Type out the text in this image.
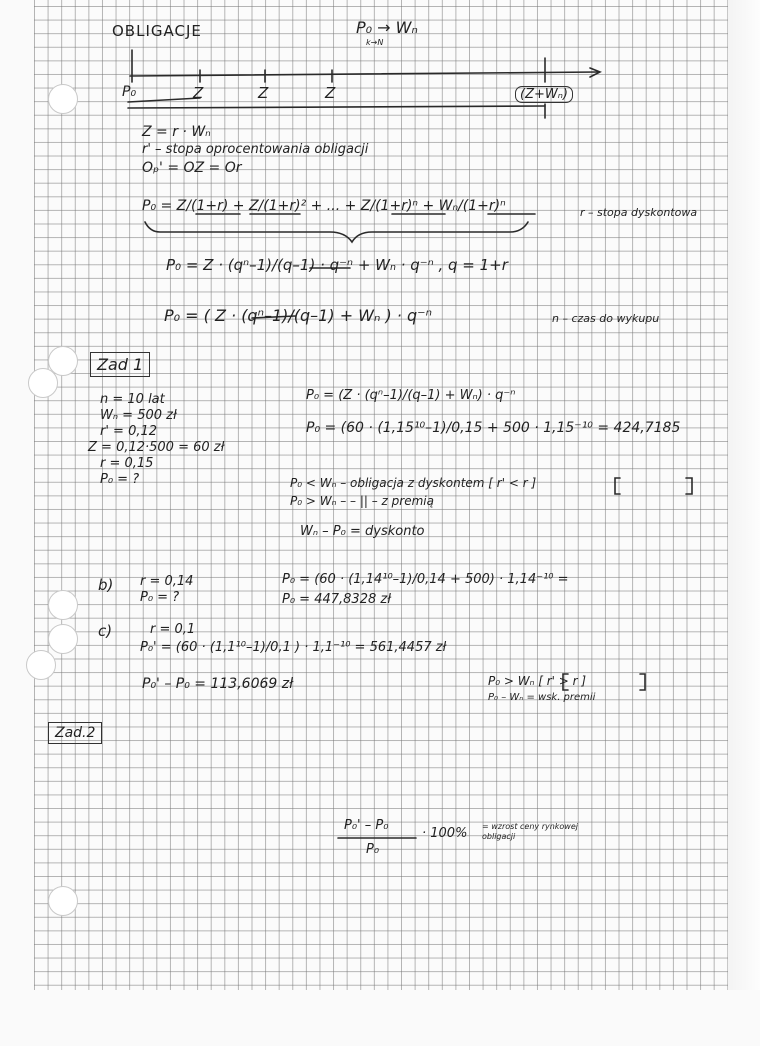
OBLIGACJE	P₀ → Wₙ
k→N
P₀	Z	Z	Z	(Z+Wₙ)
Z = r · Wₙ
r' – stopa oprocentowania obligacji
Oₚ' = OZ = Or
P₀ = Z/(1+r) + Z/(1+r)² + ... + Z/(1+r)ⁿ + Wₙ/(1+r)ⁿ	r – stopa dyskontowa
P₀ = Z · (qⁿ–1)/(q–1) · q⁻ⁿ + Wₙ · q⁻ⁿ , q = 1+r
P₀ = ( Z · (qⁿ–1)/(q–1) + Wₙ ) · q⁻ⁿ	n – czas do wykupu
Zad 1
n = 10 lat
Wₙ = 500 zł
r' = 0,12
Z = 0,12·500 = 60 zł
r = 0,15
P₀ = ?
P₀ = (Z · (qⁿ–1)/(q–1) + Wₙ) · q⁻ⁿ
P₀ = (60 · (1,15¹⁰–1)/0,15 + 500 · 1,15⁻¹⁰ = 424,7185
P₀ < Wₙ – obligacja z dyskontem [ r' < r ]
P₀ > Wₙ – – || – z premią
Wₙ – P₀ = dyskonto
b) r = 0,14
P₀ = ?
P₀ = (60 · (1,14¹⁰–1)/0,14 + 500) · 1,14⁻¹⁰ =
P₀ = 447,8328 zł
c)	r = 0,1
P₀' = (60 · (1,1¹⁰–1)/0,1 ) · 1,1⁻¹⁰ = 561,4457 zł
P₀' – P₀ = 113,6069 zł	P₀ > Wₙ [ r' > r ]
P₀ – Wₙ = wsk. premii
Zad.2
P₀' – P₀
P₀
· 100% = wzrost ceny rynkowej obligacji
